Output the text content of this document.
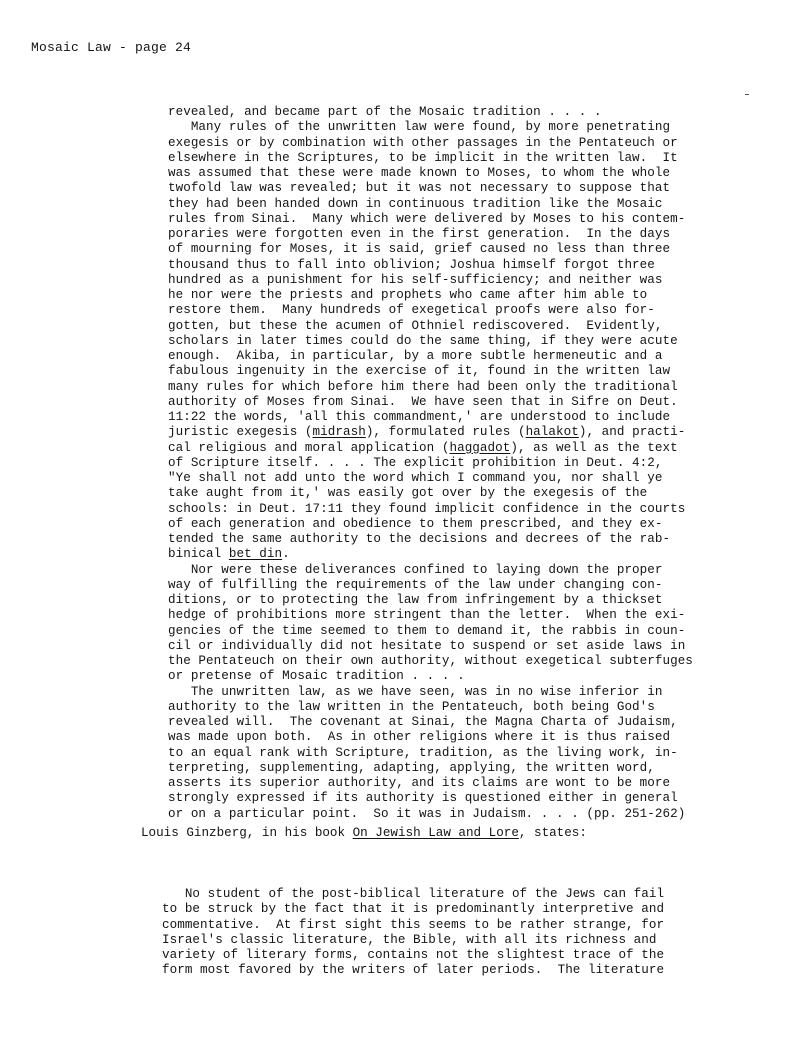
Mosaic Law - page 24
revealed, and became part of the Mosaic tradition . . . .
Many rules of the unwritten law were found, by more penetrating
exegesis or by combination with other passages in the Pentateuch or
elsewhere in the Scriptures, to be implicit in the written law.  It
was assumed that these were made known to Moses, to whom the whole
twofold law was revealed; but it was not necessary to suppose that
they had been handed down in continuous tradition like the Mosaic
rules from Sinai.  Many which were delivered by Moses to his contem-
poraries were forgotten even in the first generation.  In the days
of mourning for Moses, it is said, grief caused no less than three
thousand thus to fall into oblivion; Joshua himself forgot three
hundred as a punishment for his self-sufficiency; and neither was
he nor were the priests and prophets who came after him able to
restore them.  Many hundreds of exegetical proofs were also for-
gotten, but these the acumen of Othniel rediscovered.  Evidently,
scholars in later times could do the same thing, if they were acute
enough.  Akiba, in particular, by a more subtle hermeneutic and a
fabulous ingenuity in the exercise of it, found in the written law
many rules for which before him there had been only the traditional
authority of Moses from Sinai.  We have seen that in Sifre on Deut.
11:22 the words, 'all this commandment,' are understood to include
juristic exegesis (midrash), formulated rules (halakot), and practi-
cal religious and moral application (haggadot), as well as the text
of Scripture itself. . . . The explicit prohibition in Deut. 4:2,
"Ye shall not add unto the word which I command you, nor shall ye
take aught from it,' was easily got over by the exegesis of the
schools: in Deut. 17:11 they found implicit confidence in the courts
of each generation and obedience to them prescribed, and they ex-
tended the same authority to the decisions and decrees of the rab-
binical bet din.
Nor were these deliverances confined to laying down the proper
way of fulfilling the requirements of the law under changing con-
ditions, or to protecting the law from infringement by a thickset
hedge of prohibitions more stringent than the letter.  When the exi-
gencies of the time seemed to them to demand it, the rabbis in coun-
cil or individually did not hesitate to suspend or set aside laws in
the Pentateuch on their own authority, without exegetical subterfuges
or pretense of Mosaic tradition . . . .
The unwritten law, as we have seen, was in no wise inferior in
authority to the law written in the Pentateuch, both being God's
revealed will.  The covenant at Sinai, the Magna Charta of Judaism,
was made upon both.  As in other religions where it is thus raised
to an equal rank with Scripture, tradition, as the living work, in-
terpreting, supplementing, adapting, applying, the written word,
asserts its superior authority, and its claims are wont to be more
strongly expressed if its authority is questioned either in general
or on a particular point.  So it was in Judaism. . . . (pp. 251-262)
Louis Ginzberg, in his book On Jewish Law and Lore, states:
No student of the post-biblical literature of the Jews can fail
to be struck by the fact that it is predominantly interpretive and
commentative.  At first sight this seems to be rather strange, for
Israel's classic literature, the Bible, with all its richness and
variety of literary forms, contains not the slightest trace of the
form most favored by the writers of later periods.  The literature
